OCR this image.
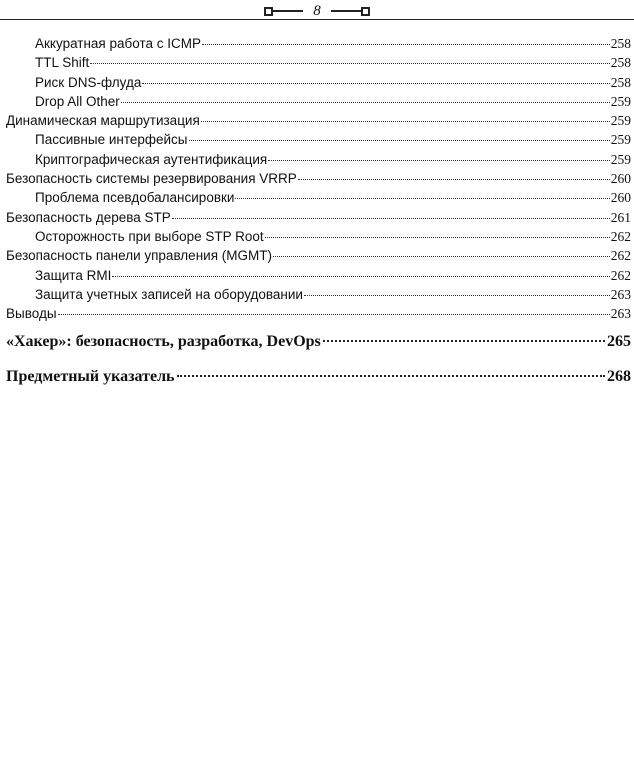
8
Аккуратная работа с ICMP	258
TTL Shift	258
Риск DNS-флуда	258
Drop All Other	259
Динамическая маршрутизация	259
Пассивные интерфейсы	259
Криптографическая аутентификация	259
Безопасность системы резервирования VRRP	260
Проблема псевдобалансировки	260
Безопасность дерева STP	261
Осторожность при выборе STP Root	262
Безопасность панели управления (MGMT)	262
Защита RMI	262
Защита учетных записей на оборудовании	263
Выводы	263
«Хакер»: безопасность, разработка, DevOps	265
Предметный указатель	268
